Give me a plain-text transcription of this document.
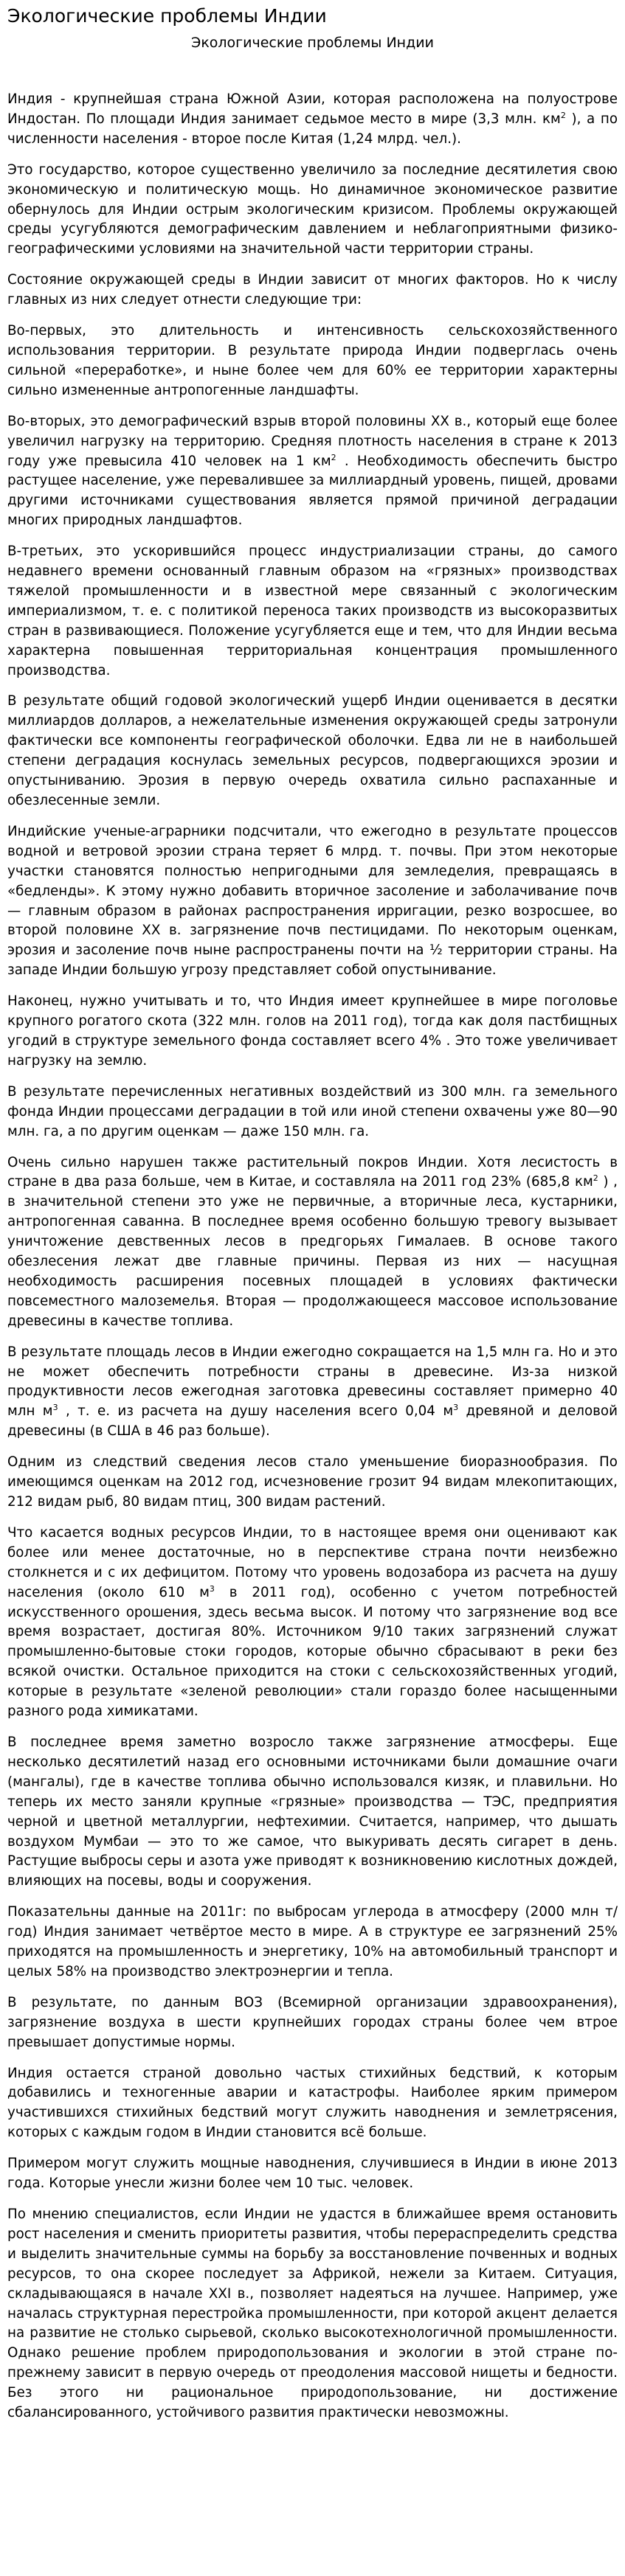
Экологические проблемы Индии
Экологические проблемы Индии

Индия - крупнейшая страна Южной Азии, которая расположена на полуострове Индостан. По площади Индия занимает седьмое место в мире (3,3 млн. $км^2$ ), а по численности населения - второе после Китая (1,24 млрд. чел.).

Это государство, которое существенно увеличило за последние десятилетия свою экономическую и политическую мощь. Но динамичное экономическое развитие обернулось для Индии острым экологическим кризисом. Проблемы окружающей среды усугубляются демографическим давлением и неблагоприятными физико-географическими условиями на значительной части территории страны.

Состояние окружающей среды в Индии зависит от многих факторов. Но к числу главных из них следует отнести следующие три:

Во-первых, это длительность и интенсивность сельскохозяйственного использования территории. В результате природа Индии подверглась очень сильной «переработке», и ныне более чем для 60% ее территории характерны сильно измененные антропогенные ландшафты.

Во-вторых, это демографический взрыв второй половины XX в., который еще более увеличил нагрузку на территорию. Средняя плотность населения в стране к 2013 году уже превысила 410 человек на 1 $км^2$ . Необходимость обеспечить быстро растущее население, уже перевалившее за миллиардный уровень, пищей, дровами другими источниками существования является прямой причиной деградации многих природных ландшафтов.

В-третьих, это ускорившийся процесс индустриализации страны, до самого недавнего времени основанный главным образом на «грязных» производствах тяжелой промышленности и в известной мере связанный с экологическим империализмом, т. е. с политикой переноса таких производств из высокоразвитых стран в развивающиеся. Положение усугубляется еще и тем, что для Индии весьма характерна повышенная территориальная концентрация промышленного производства.

В результате общий годовой экологический ущерб Индии оценивается в десятки миллиардов долларов, а нежелательные изменения окружающей среды затронули фактически все компоненты географической оболочки. Едва ли не в наибольшей степени деградация коснулась земельных ресурсов, подвергающихся эрозии и опустыниванию. Эрозия в первую очередь охватила сильно распаханные и обезлесенные земли.

Индийские ученые-аграрники подсчитали, что ежегодно в результате процессов водной и ветровой эрозии страна теряет 6 млрд. т. почвы. При этом некоторые участки становятся полностью непригодными для земледелия, превращаясь в «бедленды». К этому нужно добавить вторичное засоление и заболачивание почв — главным образом в районах распространения ирригации, резко возросшее, во второй половине XX в. загрязнение почв пестицидами. По некоторым оценкам, эрозия и засоление почв ныне распространены почти на ½ территории страны. На западе Индии большую угрозу представляет собой опустынивание.

Наконец, нужно учитывать и то, что Индия имеет крупнейшее в мире поголовье крупного рогатого скота (322 млн. голов на 2011 год), тогда как доля пастбищных угодий в структуре земельного фонда составляет всего 4% . Это тоже увеличивает нагрузку на землю.

В результате перечисленных негативных воздействий из 300 млн. га земельного фонда Индии процессами деградации в той или иной степени охвачены уже 80—90 млн. га, а по другим оценкам — даже 150 млн. га.

Очень сильно нарушен также растительный покров Индии. Хотя лесистость в стране в два раза больше, чем в Китае, и составляла на 2011 год 23% (685,8 $км^2$ ) , в значительной степени это уже не первичные, а вторичные леса, кустарники, антропогенная саванна. В последнее время особенно большую тревогу вызывает уничтожение девственных лесов в предгорьях Гималаев. В основе такого обезлесения лежат две главные причины. Первая из них — насущная необходимость расширения посевных площадей в условиях фактически повсеместного малоземелья. Вторая — продолжающееся массовое использование древесины в качестве топлива.

В результате площадь лесов в Индии ежегодно сокращается на 1,5 млн га. Но и это не может обеспечить потребности страны в древесине. Из-за низкой продуктивности лесов ежегодная заготовка древесины составляет примерно 40 млн $м^3$ , т. е. из расчета на душу населения всего 0,04 $м^3$ древяной и деловой древесины (в США в 46 раз больше).

Одним из следствий сведения лесов стало уменьшение биоразнообразия. По имеющимся оценкам на 2012 год, исчезновение грозит 94 видам млекопитающих, 212 видам рыб, 80 видам птиц, 300 видам растений.

Что касается водных ресурсов Индии, то в настоящее время они оценивают как более или менее достаточные, но в перспективе страна почти неизбежно столкнется и с их дефицитом. Потому что уровень водозабора из расчета на душу населения (около 610 $м^3$ в 2011 год), особенно с учетом потребностей искусственного орошения, здесь весьма высок. И потому что загрязнение вод все время возрастает, достигая 80%. Источником 9/10 таких загрязнений служат промышленно-бытовые стоки городов, которые обычно сбрасывают в реки без всякой очистки. Остальное приходится на стоки с сельскохозяйственных угодий, которые в результате «зеленой революции» стали гораздо более насыщенными разного рода химикатами.

В последнее время заметно возросло также загрязнение атмосферы. Еще несколько десятилетий назад его основными источниками были домашние очаги (мангалы), где в качестве топлива обычно использовался кизяк, и плавильни. Но теперь их место заняли крупные «грязные» производства — ТЭС, предприятия черной и цветной металлургии, нефтехимии. Считается, например, что дышать воздухом Мумбаи — это то же самое, что выкуривать десять сигарет в день. Растущие выбросы серы и азота уже приводят к возникновению кислотных дождей, влияющих на посевы, воды и сооружения.

Показательны данные на 2011г: по выбросам углерода в атмосферу (2000 млн т/год) Индия занимает четвёртое место в мире. А в структуре ее загрязнений 25% приходятся на промышленность и энергетику, 10% на автомобильный транспорт и целых 58% на производство электроэнергии и тепла.

В результате, по данным ВОЗ (Всемирной организации здравоохранения), загрязнение воздуха в шести крупнейших городах страны более чем втрое превышает допустимые нормы.

Индия остается страной довольно частых стихийных бедствий, к которым добавились и техногенные аварии и катастрофы. Наиболее ярким примером участившихся стихийных бедствий могут служить наводнения и землетрясения, которых с каждым годом в Индии становится всё больше.

Примером могут служить мощные наводнения, случившиеся в Индии в июне 2013 года. Которые унесли жизни более чем 10 тыс. человек.

По мнению специалистов, если Индии не удастся в ближайшее время остановить рост населения и сменить приоритеты развития, чтобы перераспределить средства и выделить значительные суммы на борьбу за восстановление почвенных и водных ресурсов, то она скорее последует за Африкой, нежели за Китаем. Ситуация, складывающаяся в начале XXI в., позволяет надеяться на лучшее. Например, уже началась структурная перестройка промышленности, при которой акцент делается на развитие не столько сырьевой, сколько высокотехнологичной промышленности. Однако решение проблем природопользования и экологии в этой стране по-прежнему зависит в первую очередь от преодоления массовой нищеты и бедности. Без этого ни рациональное природопользование, ни достижение сбалансированного, устойчивого развития практически невозможны.
